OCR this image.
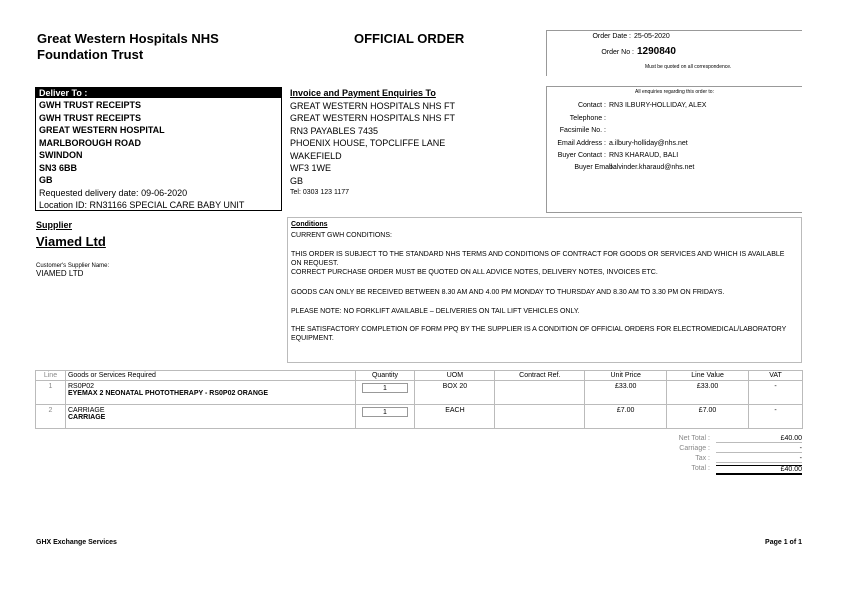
Great Western Hospitals NHS
Foundation Trust
OFFICIAL ORDER	Order Date : 25-05-2020
Order No : 1290840
Must be quoted on all correspondence.
Deliver To :
GWH TRUST RECEIPTS
GWH TRUST RECEIPTS
GREAT WESTERN HOSPITAL
MARLBOROUGH ROAD
SWINDON
SN3 6BB
GB
Requested delivery date: 09-06-2020
Location ID: RN31166 SPECIAL CARE BABY UNIT
Invoice and Payment Enquiries To
GREAT WESTERN HOSPITALS NHS FT
GREAT WESTERN HOSPITALS NHS FT
RN3 PAYABLES 7435
PHOENIX HOUSE, TOPCLIFFE LANE
WAKEFIELD
WF3 1WE
GB
Tel: 0303 123 1177
All enquiries regarding this order to:
Contact : RN3 ILBURY-HOLLIDAY, ALEX
Telephone :
Facsimile No. :
Email Address : a.ilbury-holliday@nhs.net
Buyer Contact : RN3 KHARAUD, BALI
Buyer Email :
balvinder.kharaud@nhs.net
Supplier
Viamed Ltd
Customer's Supplier Name:
VIAMED LTD
Conditions
CURRENT GWH CONDITIONS:
THIS ORDER IS SUBJECT TO THE STANDARD NHS TERMS AND CONDITIONS OF CONTRACT FOR GOODS OR SERVICES AND WHICH IS AVAILABLE ON REQUEST.
CORRECT PURCHASE ORDER MUST BE QUOTED ON ALL ADVICE NOTES, DELIVERY NOTES, INVOICES ETC.
GOODS CAN ONLY BE RECEIVED BETWEEN 8.30 AM AND 4.00 PM MONDAY TO THURSDAY AND 8.30 AM TO 3.30 PM ON FRIDAYS.
PLEASE NOTE: NO FORKLIFT AVAILABLE – DELIVERIES ON TAIL LIFT VEHICLES ONLY.
THE SATISFACTORY COMPLETION OF FORM PPQ BY THE SUPPLIER IS A CONDITION OF OFFICIAL ORDERS FOR ELECTROMEDICAL/LABORATORY EQUIPMENT.
Line	Goods or Services Required	Quantity	UOM	Contract Ref.	Unit Price	Line Value	VAT
1	RS0P02
EYEMAX 2 NEONATAL PHOTOTHERAPY - RS0P02 ORANGE	1	BOX 20		£33.00	£33.00	-
2	CARRIAGE
CARRIAGE	1	EACH		£7.00	£7.00	-
Net Total :	£40.00
Carriage :	-
Tax :	-
Total :	£40.00
GHX Exchange Services	Page 1 of 1
